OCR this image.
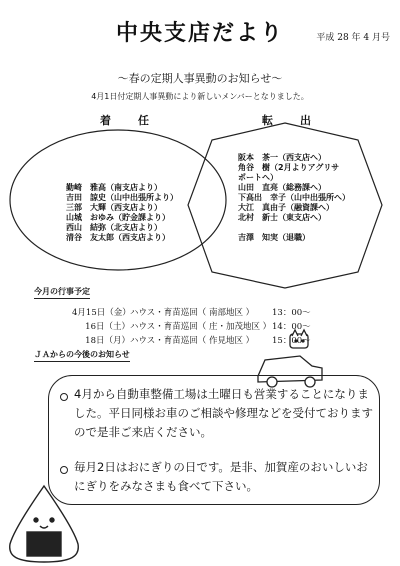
中央支店だより	平成 28 年 4 月号
～春の定期人事異動のお知らせ～
4月1日付定期人事異動により新しいメンバーとなりました。
着　任	転　出
勤崎　雅高（南支店より）
吉田　諒史（山中出張所より）
三部　大輝（西支店より）
山城　おゆみ（貯金課より）
西山　結弥（北支店より）
清谷　友太郎（西支店より）
阪本　茶一（西支店へ）
角谷　樹（2月よりアグリサ
ポートへ）
山田　直亮（総務課へ）
下高出　幸子（山中出張所へ）
大江　真由子（融資課へ）
北村　新士（東支店へ）
吉澤　知実（退職）
今月の行事予定
4月15日（金）ハウス・育苗巡回（ 南部地区 ） 13：00～
16日（土）ハウス・育苗巡回（ 庄・加茂地区 ）14：00～
18日（月）ハウス・育苗巡回（ 作見地区 ） 15：00～
ＪＡからの今後のお知らせ
4月から自動車整備工場は土曜日も営業することになりました。平日同様お車のご相談や修理などを受付ておりますので是非ご来店ください。
毎月2日はおにぎりの日です。是非、加賀産のおいしいおにぎりをみなさまも食べて下さい。
